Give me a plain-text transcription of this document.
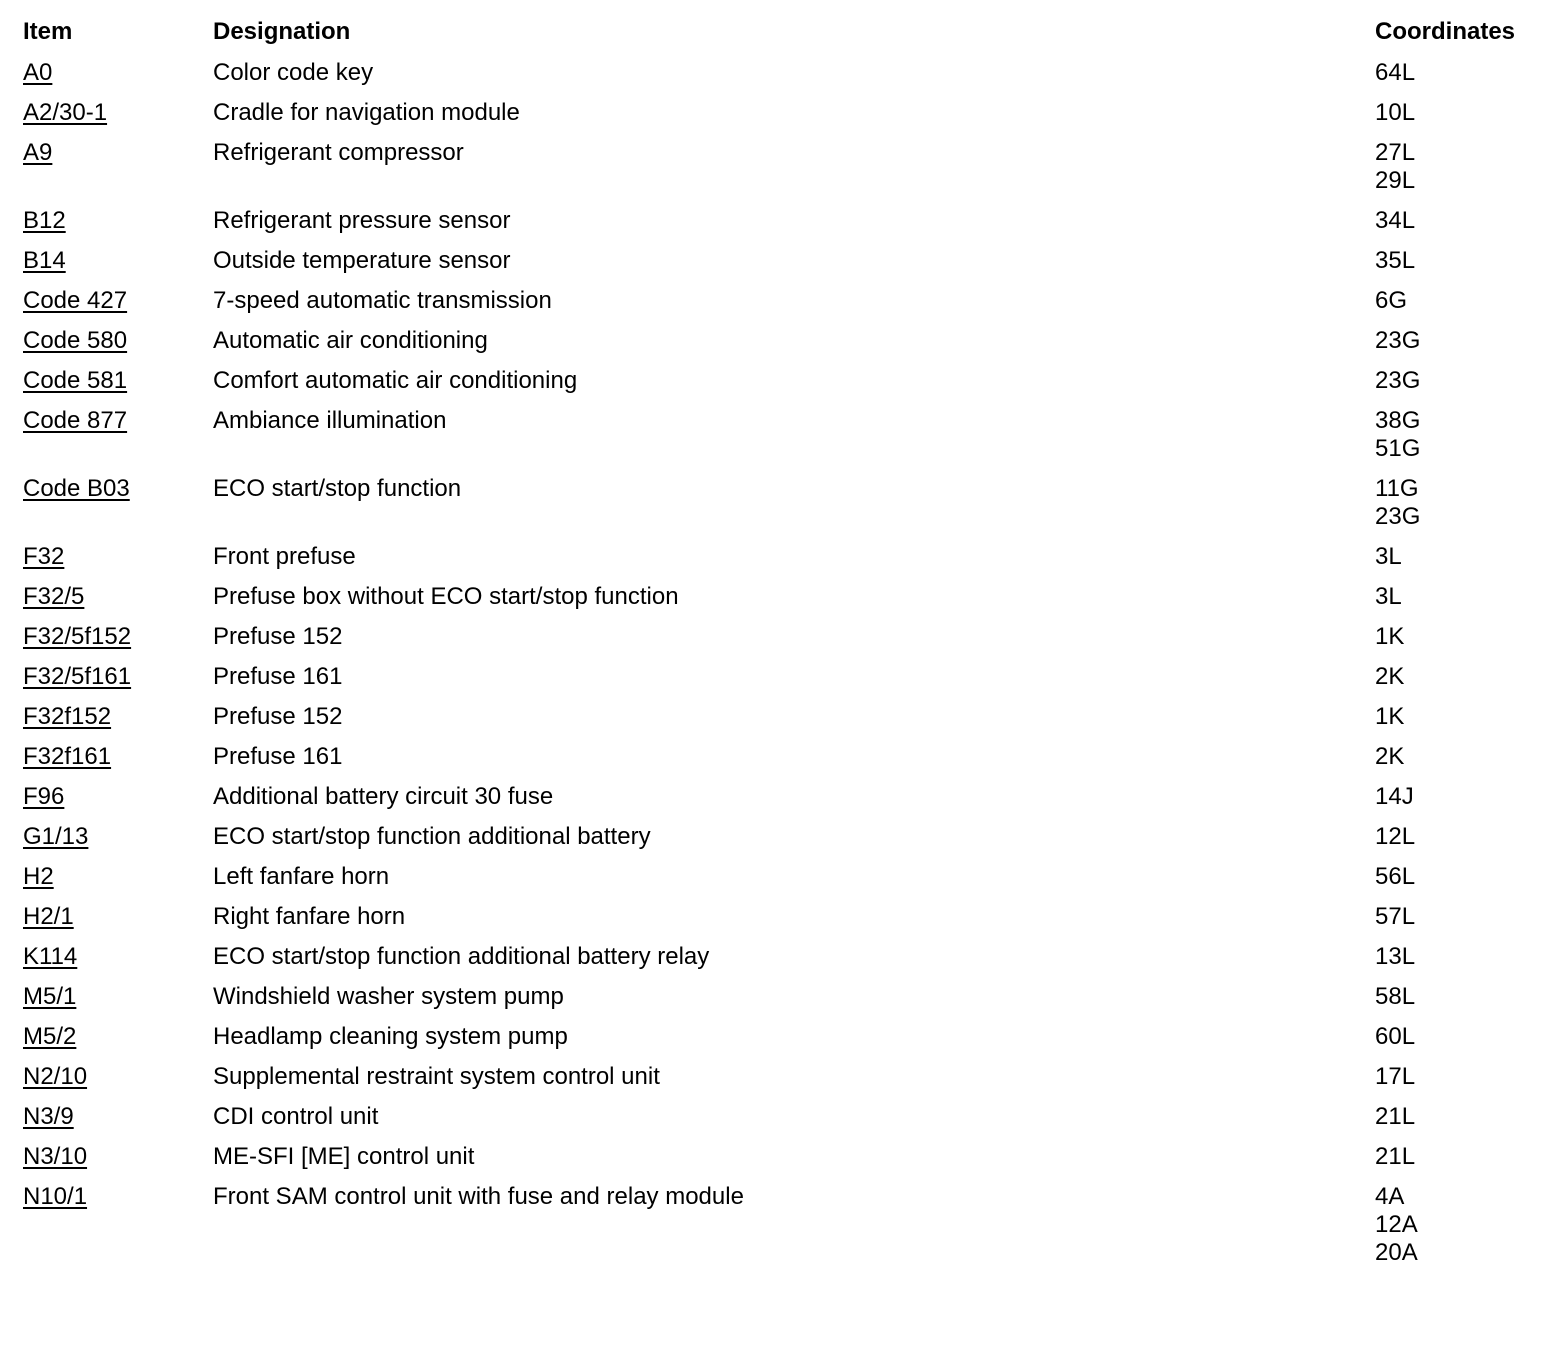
Item	Designation	Coordinates
A0	Color code key	64L
A2/30-1	Cradle for navigation module	10L
A9	Refrigerant compressor	27L
29L
B12	Refrigerant pressure sensor	34L
B14	Outside temperature sensor	35L
Code 427	7-speed automatic transmission	6G
Code 580	Automatic air conditioning	23G
Code 581	Comfort automatic air conditioning	23G
Code 877	Ambiance illumination	38G
51G
Code B03	ECO start/stop function	11G
23G
F32	Front prefuse	3L
F32/5	Prefuse box without ECO start/stop function	3L
F32/5f152	Prefuse 152	1K
F32/5f161	Prefuse 161	2K
F32f152	Prefuse 152	1K
F32f161	Prefuse 161	2K
F96	Additional battery circuit 30 fuse	14J
G1/13	ECO start/stop function additional battery	12L
H2	Left fanfare horn	56L
H2/1	Right fanfare horn	57L
K114	ECO start/stop function additional battery relay	13L
M5/1	Windshield washer system pump	58L
M5/2	Headlamp cleaning system pump	60L
N2/10	Supplemental restraint system control unit	17L
N3/9	CDI control unit	21L
N3/10	ME-SFI [ME] control unit	21L
N10/1	Front SAM control unit with fuse and relay module	4A
12A
20A
